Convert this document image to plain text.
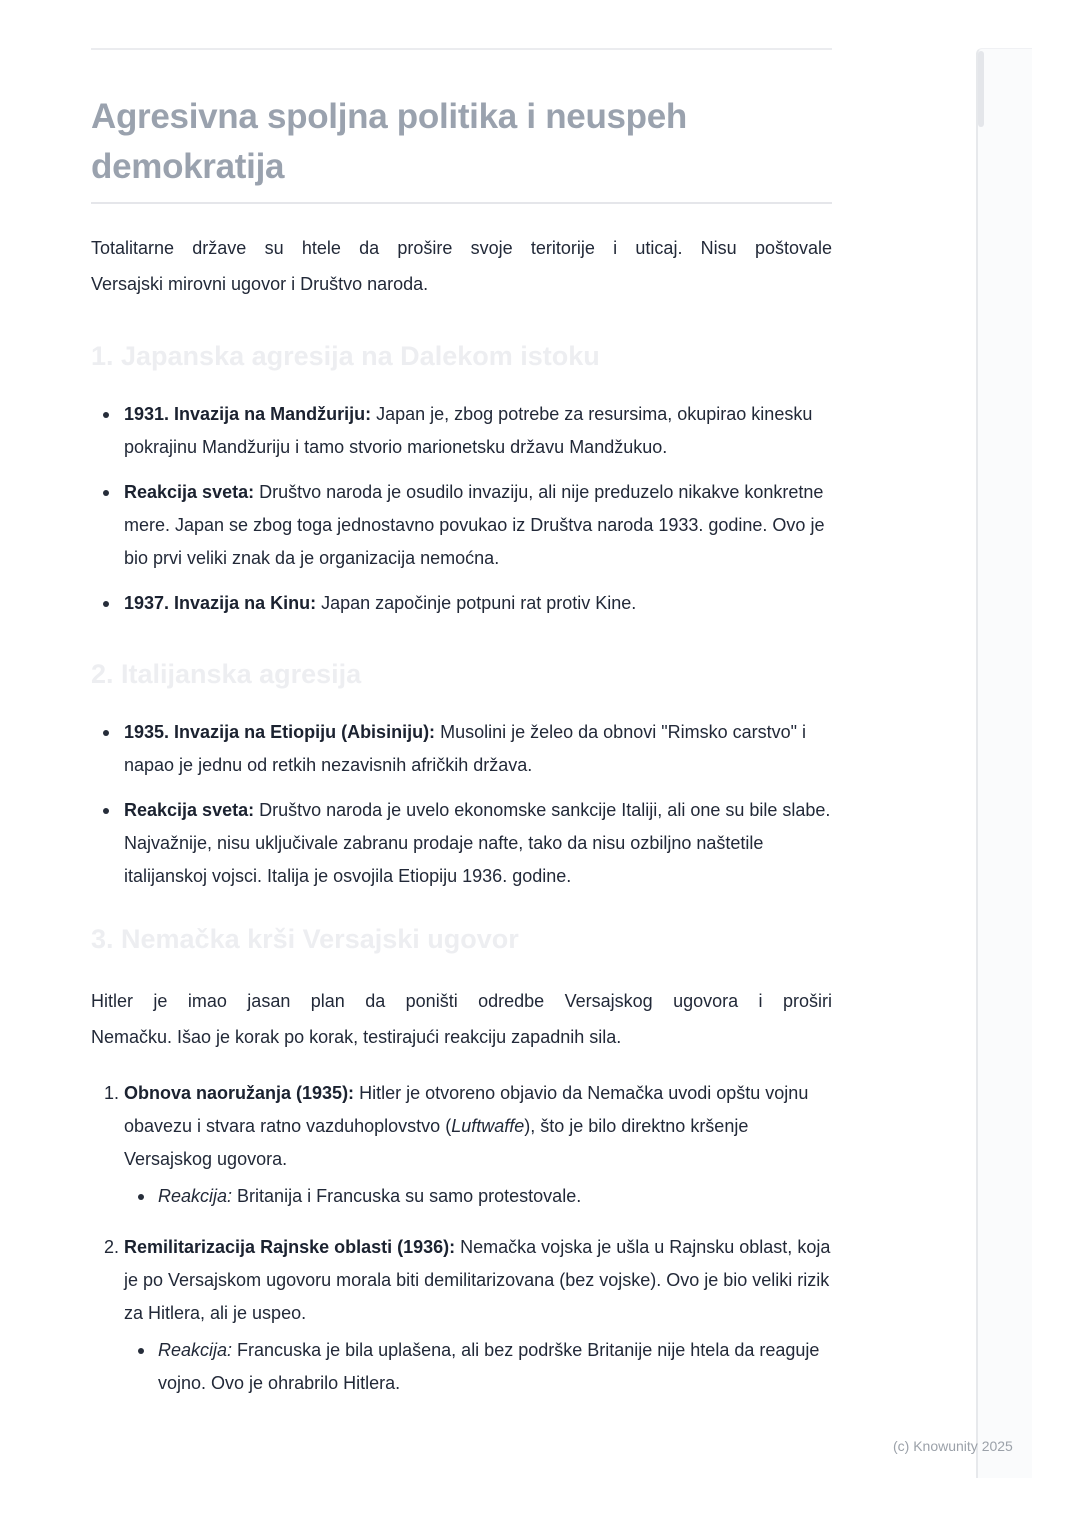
Agresivna spoljna politika i neuspeh demokratija

Totalitarne države su htele da prošire svoje teritorije i uticaj. Nisu poštovale
Versajski mirovni ugovor i Društvo naroda.

1. Japanska agresija na Dalekom istoku
1931. Invazija na Mandžuriju: Japan je, zbog potrebe za resursima, okupirao kinesku pokrajinu Mandžuriju i tamo stvorio marionetsku državu Mandžukuo.
Reakcija sveta: Društvo naroda je osudilo invaziju, ali nije preduzelo nikakve konkretne mere. Japan se zbog toga jednostavno povukao iz Društva naroda 1933. godine. Ovo je bio prvi veliki znak da je organizacija nemoćna.
1937. Invazija na Kinu: Japan započinje potpuni rat protiv Kine.
2. Italijanska agresija
1935. Invazija na Etiopiju (Abisiniju): Musolini je želeo da obnovi "Rimsko carstvo" i napao je jednu od retkih nezavisnih afričkih država.
Reakcija sveta: Društvo naroda je uvelo ekonomske sankcije Italiji, ali one su bile slabe. Najvažnije, nisu uključivale zabranu prodaje nafte, tako da nisu ozbiljno naštetile italijanskoj vojsci. Italija je osvojila Etiopiju 1936. godine.
3. Nemačka krši Versajski ugovor

Hitler je imao jasan plan da poništi odredbe Versajskog ugovora i proširi
Nemačku. Išao je korak po korak, testirajući reakciju zapadnih sila.

1. Obnova naoružanja (1935): Hitler je otvoreno objavio da Nemačka uvodi opštu vojnu obavezu i stvara ratno vazduhoplovstvo (Luftwaffe), što je bilo direktno kršenje Versajskog ugovora.
Reakcija: Britanija i Francuska su samo protestovale.
2. Remilitarizacija Rajnske oblasti (1936): Nemačka vojska je ušla u Rajnsku oblast, koja je po Versajskom ugovoru morala biti demilitarizovana (bez vojske). Ovo je bio veliki rizik za Hitlera, ali je uspeo.
Reakcija: Francuska je bila uplašena, ali bez podrške Britanije nije htela da reaguje vojno. Ovo je ohrabrilo Hitlera.
(c) Knowunity 2025
